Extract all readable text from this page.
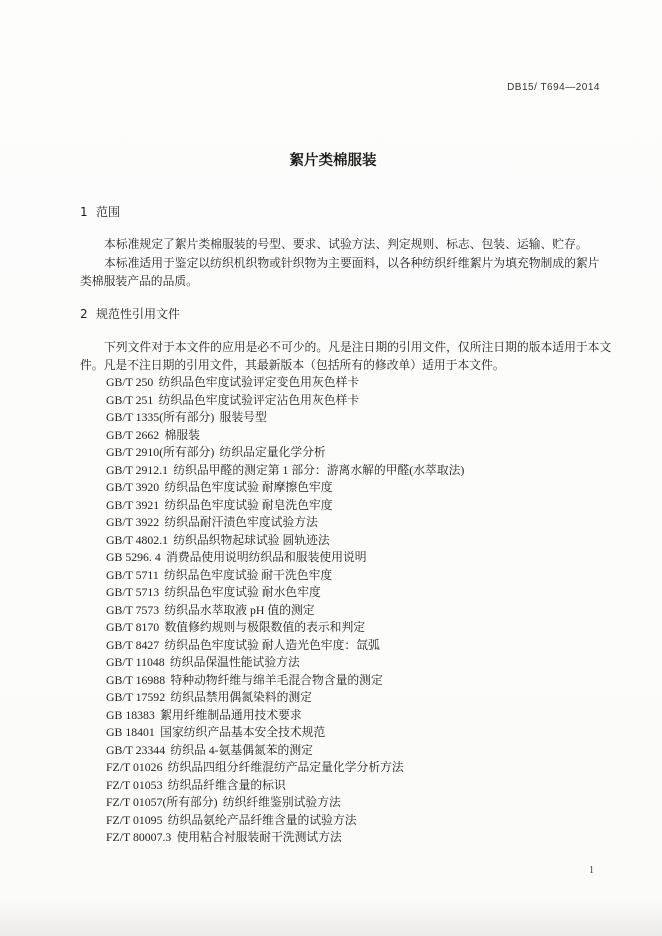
DB15/ T694—2014
絮片类棉服装
1 范围
本标准规定了絮片类棉服装的号型、要求、试验方法、判定规则、标志、包装、运输、贮存。
本标准适用于鉴定以纺织机织物或针织物为主要面料，以各种纺织纤维絮片为填充物制成的絮片
类棉服装产品的品质。
2 规范性引用文件
下列文件对于本文件的应用是必不可少的。凡是注日期的引用文件，仅所注日期的版本适用于本文
件。凡是不注日期的引用文件，其最新版本（包括所有的修改单）适用于本文件。
GB/T 250 纺织品色牢度试验评定变色用灰色样卡
GB/T 251 纺织品色牢度试验评定沾色用灰色样卡
GB/T 1335(所有部分) 服装号型
GB/T 2662 棉服装
GB/T 2910(所有部分) 纺织品定量化学分析
GB/T 2912.1 纺织品甲醛的测定第 1 部分：游离水解的甲醛(水萃取法)
GB/T 3920 纺织品色牢度试验 耐摩擦色牢度
GB/T 3921 纺织品色牢度试验 耐皂洗色牢度
GB/T 3922 纺织品耐汗渍色牢度试验方法
GB/T 4802.1 纺织品织物起球试验 圆轨迹法
GB 5296. 4 消费品使用说明纺织品和服装使用说明
GB/T 5711 纺织品色牢度试验 耐干洗色牢度
GB/T 5713 纺织品色牢度试验 耐水色牢度
GB/T 7573 纺织品水萃取液 pH 值的测定
GB/T 8170 数值修约规则与极限数值的表示和判定
GB/T 8427 纺织品色牢度试验 耐人造光色牢度：氙弧
GB/T 11048 纺织品保温性能试验方法
GB/T 16988 特种动物纤维与绵羊毛混合物含量的测定
GB/T 17592 纺织品禁用偶氮染料的测定
GB 18383 絮用纤维制品通用技术要求
GB 18401 国家纺织产品基本安全技术规范
GB/T 23344 纺织品 4-氨基偶氮苯的测定
FZ/T 01026 纺织品四组分纤维混纺产品定量化学分析方法
FZ/T 01053 纺织品纤维含量的标识
FZ/T 01057(所有部分) 纺织纤维鉴别试验方法
FZ/T 01095 纺织品氨纶产品纤维含量的试验方法
FZ/T 80007.3 使用粘合衬服装耐干洗测试方法
1
